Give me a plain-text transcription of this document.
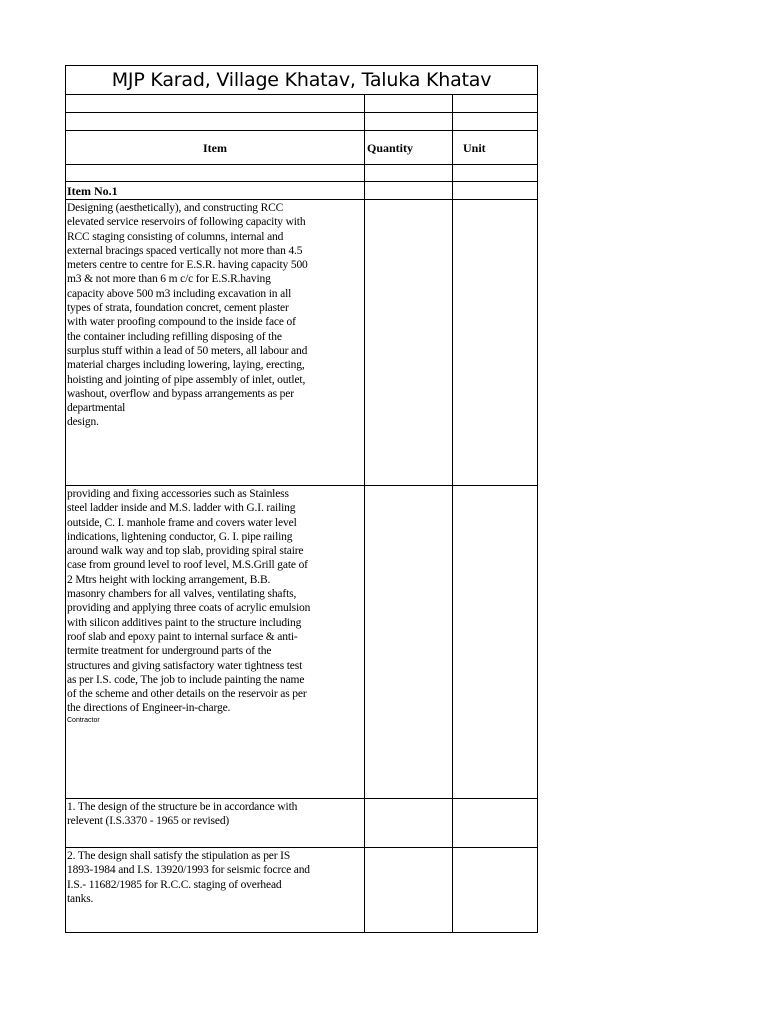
MJP Karad, Village Khatav, Taluka Khatav
Item	Quantity	Unit
Item No.1
Designing (aesthetically), and constructing RCC
elevated service reservoirs of following capacity with
RCC staging consisting of columns, internal and
external bracings spaced vertically not more than 4.5
meters centre to centre for E.S.R. having capacity 500
m3 & not more than 6 m c/c for E.S.R.having
capacity above 500 m3 including excavation in all
types of strata, foundation concret, cement plaster
with water proofing compound to the inside face of
the container including refilling disposing of the
surplus stuff within a lead of 50 meters, all labour and
material charges including lowering, laying, erecting,
hoisting and jointing of pipe assembly of inlet, outlet,
washout, overflow and bypass arrangements as per
departmental
design.
providing and fixing accessories such as Stainless
steel ladder inside and M.S. ladder with G.I. railing
outside, C. I. manhole frame and covers water level
indications, lightening conductor, G. I. pipe railing
around walk way and top slab, providing spiral staire
case from ground level to roof level, M.S.Grill gate of
2 Mtrs height with locking arrangement, B.B.
masonry chambers for all valves, ventilating shafts,
providing and applying three coats of acrylic emulsion
with silicon additives paint to the structure including
roof slab and epoxy paint to internal surface & anti-
termite treatment for underground parts of the
structures and giving satisfactory water tightness test
as per I.S. code, The job to include painting the name
of the scheme and other details on the reservoir as per
the directions of Engineer-in-charge.
Contractor
1. The design of the structure be in accordance with
relevent (I.S.3370 - 1965 or revised)
2. The design shall satisfy the stipulation as per IS
1893-1984 and I.S. 13920/1993 for seismic focrce and
I.S.- 11682/1985 for R.C.C. staging of overhead
tanks.
